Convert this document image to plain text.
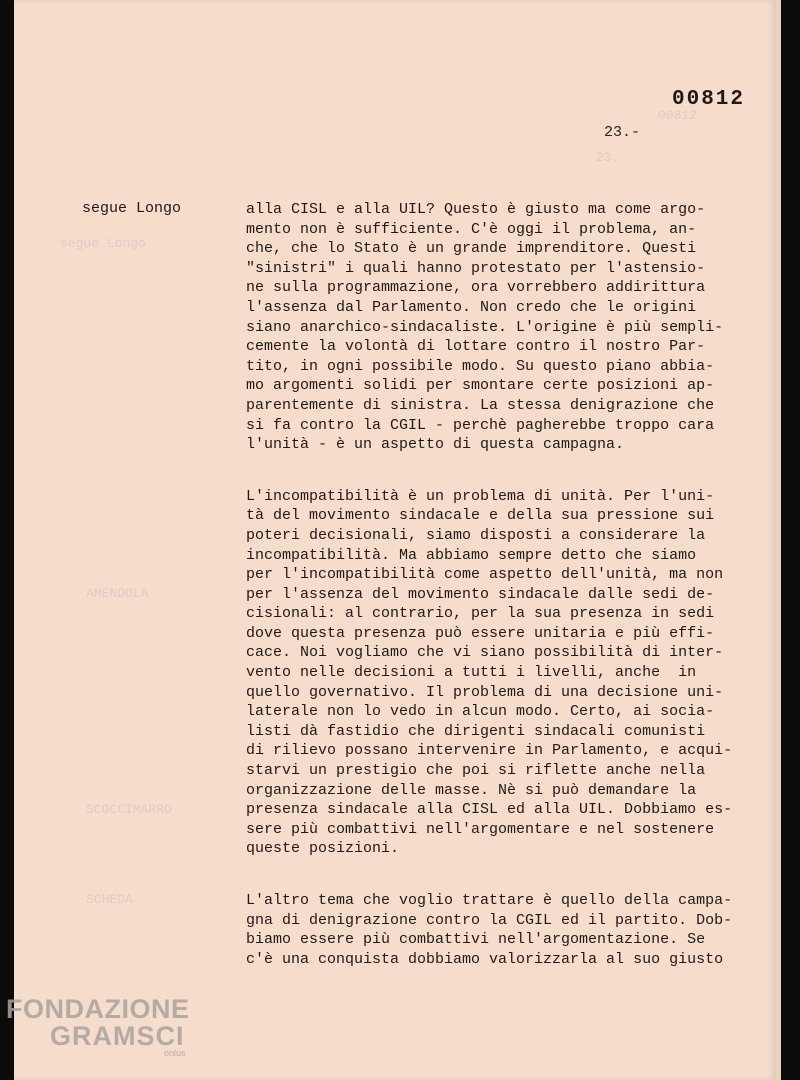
00812
23.
segue Longo
AMENDOLA
SCOCCIMARRO
SCHEDA
00812
23.-
segue Longo	alla CISL e alla UIL? Questo è giusto ma come argo-
mento non è sufficiente. C'è oggi il problema, an-
che, che lo Stato è un grande imprenditore. Questi
"sinistri" i quali hanno protestato per l'astensio-
ne sulla programmazione, ora vorrebbero addirittura
l'assenza dal Parlamento. Non credo che le origini
siano anarchico-sindacaliste. L'origine è più sempli-
cemente la volontà di lottare contro il nostro Par-
tito, in ogni possibile modo. Su questo piano abbia-
mo argomenti solidi per smontare certe posizioni ap-
parentemente di sinistra. La stessa denigrazione che
si fa contro la CGIL - perchè pagherebbe troppo cara
l'unità - è un aspetto di questa campagna.

L'incompatibilità è un problema di unità. Per l'uni-
tà del movimento sindacale e della sua pressione sui
poteri decisionali, siamo disposti a considerare la
incompatibilità. Ma abbiamo sempre detto che siamo
per l'incompatibilità come aspetto dell'unità, ma non
per l'assenza del movimento sindacale dalle sedi de-
cisionali: al contrario, per la sua presenza in sedi
dove questa presenza può essere unitaria e più effi-
cace. Noi vogliamo che vi siano possibilità di inter-
vento nelle decisioni a tutti i livelli, anche  in
quello governativo. Il problema di una decisione uni-
laterale non lo vedo in alcun modo. Certo, ai socia-
listi dà fastidio che dirigenti sindacali comunisti
di rilievo possano intervenire in Parlamento, e acqui-
starvi un prestigio che poi si riflette anche nella
organizzazione delle masse. Nè si può demandare la
presenza sindacale alla CISL ed alla UIL. Dobbiamo es-
sere più combattivi nell'argomentare e nel sostenere
queste posizioni.

L'altro tema che voglio trattare è quello della campa-
gna di denigrazione contro la CGIL ed il partito. Dob-
biamo essere più combattivi nell'argomentazione. Se
c'è una conquista dobbiamo valorizzarla al suo giusto

FONDAZIONE
GRAMSCI
onlus
